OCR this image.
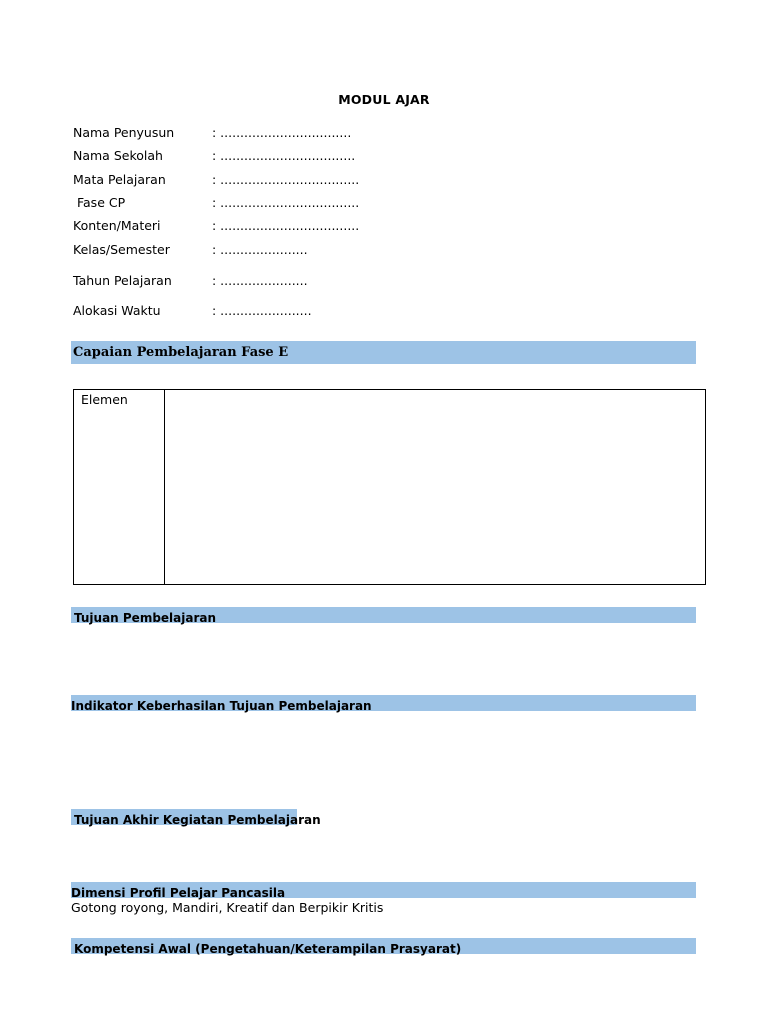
MODUL AJAR
Nama Penyusun	: .................................
Nama Sekolah	: ..................................
Mata Pelajaran	: ...................................
Fase CP	: ...................................
Konten/Materi	: ...................................
Kelas/Semester	: ......................
Tahun Pelajaran	: ......................
Alokasi Waktu	: .......................
Capaian Pembelajaran Fase E
Elemen	
Tujuan Pembelajaran
Indikator Keberhasilan Tujuan Pembelajaran
Tujuan Akhir Kegiatan Pembelajaran
Dimensi Profil Pelajar Pancasila
Gotong royong, Mandiri, Kreatif dan Berpikir Kritis
Kompetensi Awal (Pengetahuan/Keterampilan Prasyarat)
